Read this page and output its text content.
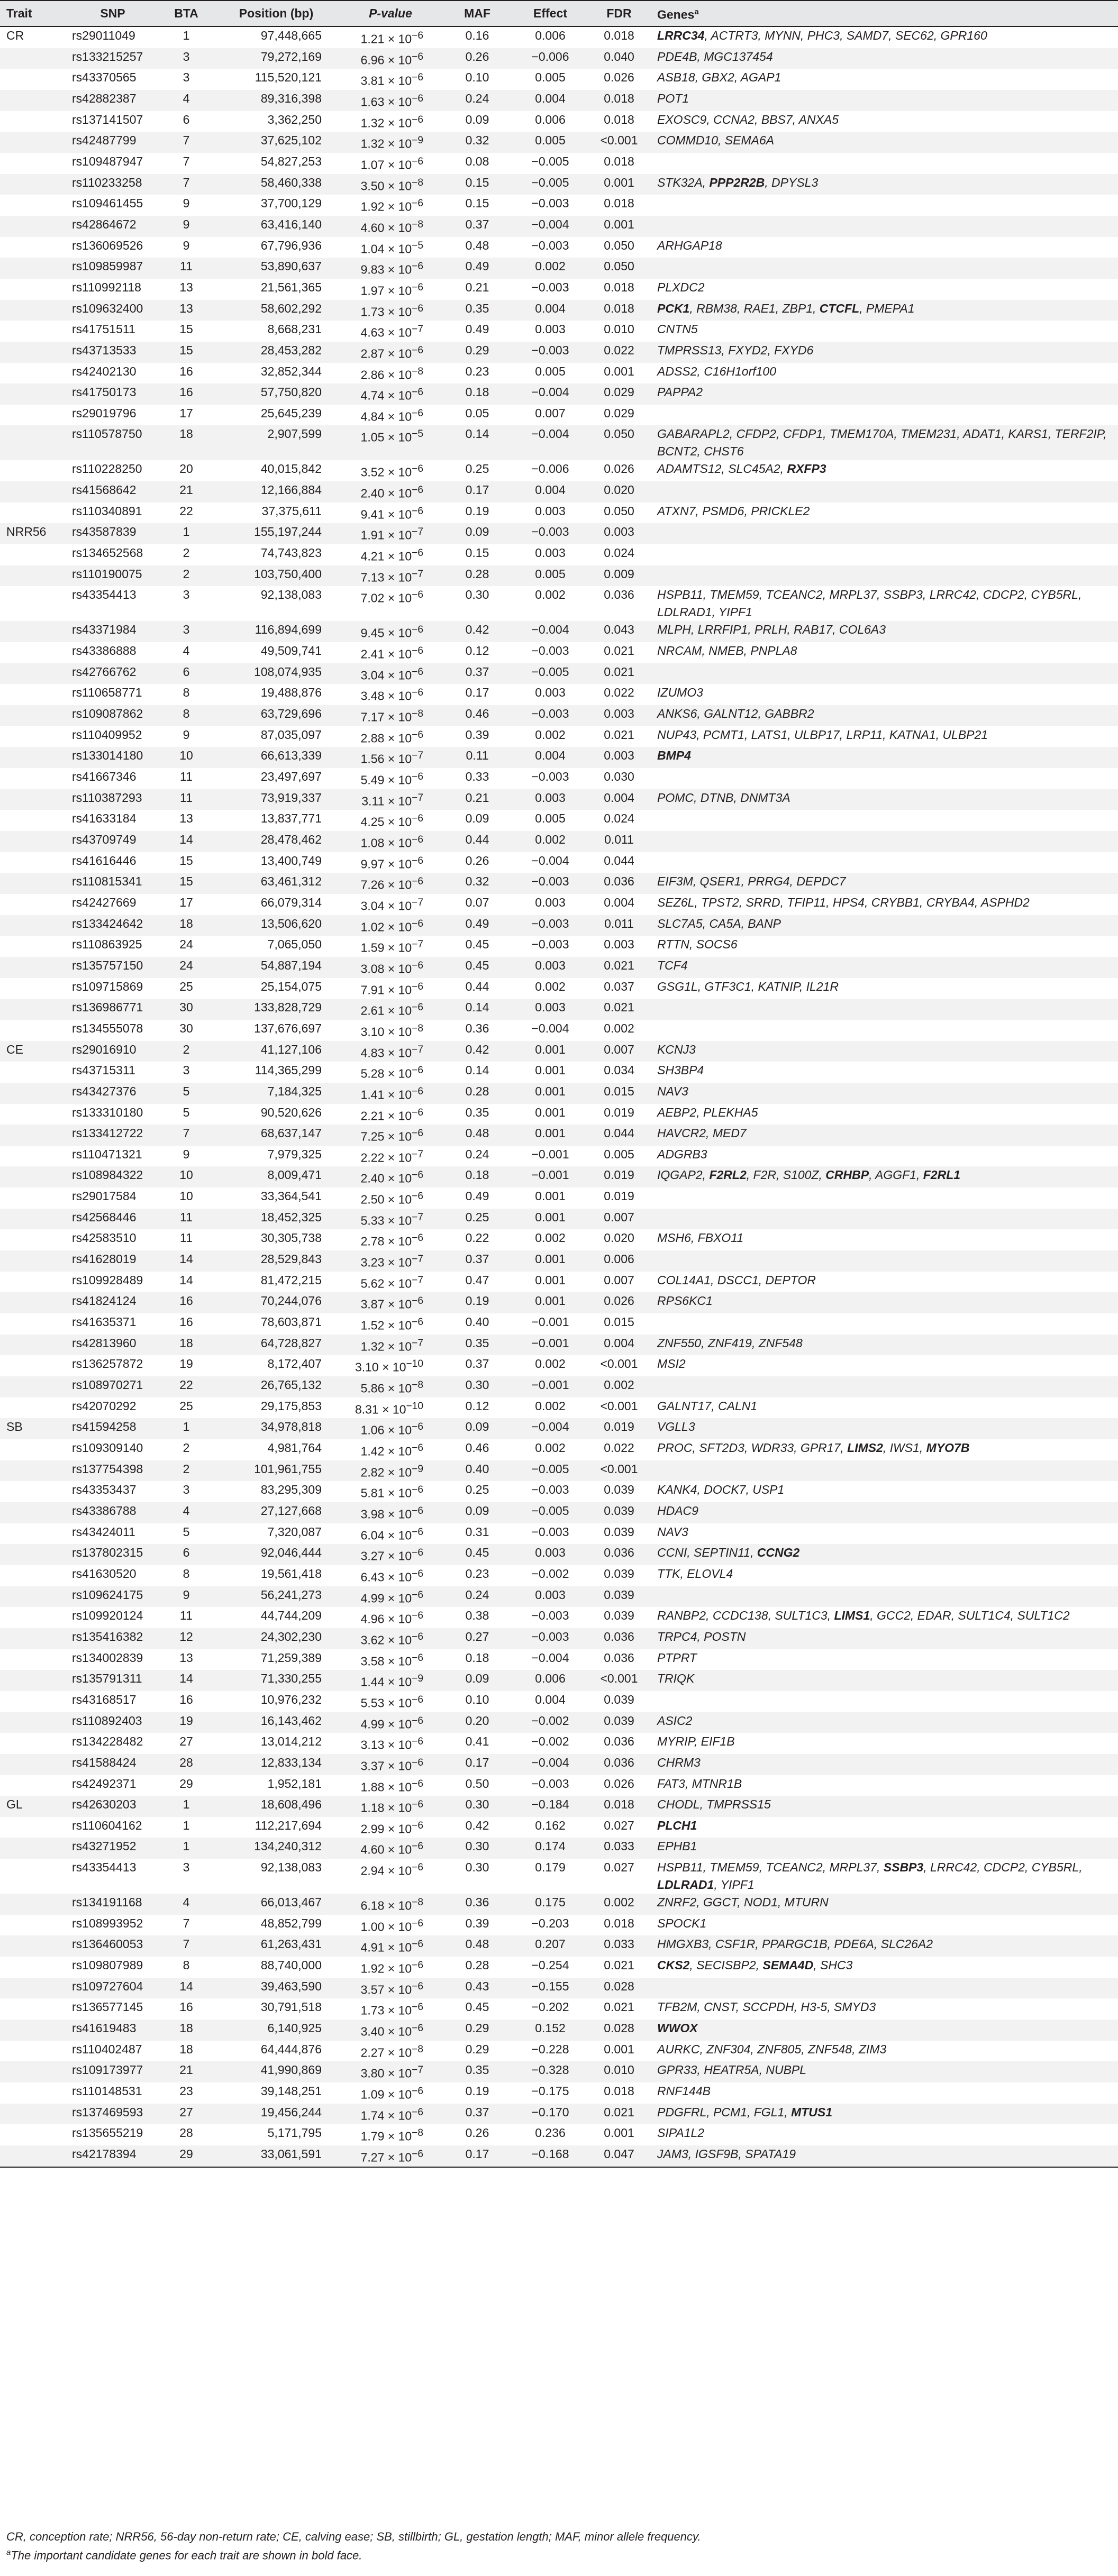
Trait	SNP	BTA	Position (bp)	P-value	MAF	Effect	FDR	Genes$^a$
CR	rs29011049	1	97,448,665	$1.21 \times 10^{-6}$	0.16	0.006	0.018	LRRC34, ACTRT3, MYNN, PHC3, SAMD7, SEC62, GPR160
	rs133215257	3	79,272,169	$6.96 \times 10^{-6}$	0.26	−0.006	0.040	PDE4B, MGC137454
	rs43370565	3	115,520,121	$3.81 \times 10^{-6}$	0.10	0.005	0.026	ASB18, GBX2, AGAP1
	rs42882387	4	89,316,398	$1.63 \times 10^{-6}$	0.24	0.004	0.018	POT1
	rs137141507	6	3,362,250	$1.32 \times 10^{-6}$	0.09	0.006	0.018	EXOSC9, CCNA2, BBS7, ANXA5
	rs42487799	7	37,625,102	$1.32 \times 10^{-9}$	0.32	0.005	<0.001	COMMD10, SEMA6A
	rs109487947	7	54,827,253	$1.07 \times 10^{-6}$	0.08	−0.005	0.018	
	rs110233258	7	58,460,338	$3.50 \times 10^{-8}$	0.15	−0.005	0.001	STK32A, PPP2R2B, DPYSL3
	rs109461455	9	37,700,129	$1.92 \times 10^{-6}$	0.15	−0.003	0.018	
	rs42864672	9	63,416,140	$4.60 \times 10^{-8}$	0.37	−0.004	0.001	
	rs136069526	9	67,796,936	$1.04 \times 10^{-5}$	0.48	−0.003	0.050	ARHGAP18
	rs109859987	11	53,890,637	$9.83 \times 10^{-6}$	0.49	0.002	0.050	
	rs110992118	13	21,561,365	$1.97 \times 10^{-6}$	0.21	−0.003	0.018	PLXDC2
	rs109632400	13	58,602,292	$1.73 \times 10^{-6}$	0.35	0.004	0.018	PCK1, RBM38, RAE1, ZBP1, CTCFL, PMEPA1
	rs41751511	15	8,668,231	$4.63 \times 10^{-7}$	0.49	0.003	0.010	CNTN5
	rs43713533	15	28,453,282	$2.87 \times 10^{-6}$	0.29	−0.003	0.022	TMPRSS13, FXYD2, FXYD6
	rs42402130	16	32,852,344	$2.86 \times 10^{-8}$	0.23	0.005	0.001	ADSS2, C16H1orf100
	rs41750173	16	57,750,820	$4.74 \times 10^{-6}$	0.18	−0.004	0.029	PAPPA2
	rs29019796	17	25,645,239	$4.84 \times 10^{-6}$	0.05	0.007	0.029	
	rs110578750	18	2,907,599	$1.05 \times 10^{-5}$	0.14	−0.004	0.050	GABARAPL2, CFDP2, CFDP1, TMEM170A, TMEM231, ADAT1, KARS1, TERF2IP, BCNT2, CHST6
	rs110228250	20	40,015,842	$3.52 \times 10^{-6}$	0.25	−0.006	0.026	ADAMTS12, SLC45A2, RXFP3
	rs41568642	21	12,166,884	$2.40 \times 10^{-6}$	0.17	0.004	0.020	
	rs110340891	22	37,375,611	$9.41 \times 10^{-6}$	0.19	0.003	0.050	ATXN7, PSMD6, PRICKLE2
NRR56	rs43587839	1	155,197,244	$1.91 \times 10^{-7}$	0.09	−0.003	0.003	
	rs134652568	2	74,743,823	$4.21 \times 10^{-6}$	0.15	0.003	0.024	
	rs110190075	2	103,750,400	$7.13 \times 10^{-7}$	0.28	0.005	0.009	
	rs43354413	3	92,138,083	$7.02 \times 10^{-6}$	0.30	0.002	0.036	HSPB11, TMEM59, TCEANC2, MRPL37, SSBP3, LRRC42, CDCP2, CYB5RL, LDLRAD1, YIPF1
	rs43371984	3	116,894,699	$9.45 \times 10^{-6}$	0.42	−0.004	0.043	MLPH, LRRFIP1, PRLH, RAB17, COL6A3
	rs43386888	4	49,509,741	$2.41 \times 10^{-6}$	0.12	−0.003	0.021	NRCAM, NMEB, PNPLA8
	rs42766762	6	108,074,935	$3.04 \times 10^{-6}$	0.37	−0.005	0.021	
	rs110658771	8	19,488,876	$3.48 \times 10^{-6}$	0.17	0.003	0.022	IZUMO3
	rs109087862	8	63,729,696	$7.17 \times 10^{-8}$	0.46	−0.003	0.003	ANKS6, GALNT12, GABBR2
	rs110409952	9	87,035,097	$2.88 \times 10^{-6}$	0.39	0.002	0.021	NUP43, PCMT1, LATS1, ULBP17, LRP11, KATNA1, ULBP21
	rs133014180	10	66,613,339	$1.56 \times 10^{-7}$	0.11	0.004	0.003	BMP4
	rs41667346	11	23,497,697	$5.49 \times 10^{-6}$	0.33	−0.003	0.030	
	rs110387293	11	73,919,337	$3.11 \times 10^{-7}$	0.21	0.003	0.004	POMC, DTNB, DNMT3A
	rs41633184	13	13,837,771	$4.25 \times 10^{-6}$	0.09	0.005	0.024	
	rs43709749	14	28,478,462	$1.08 \times 10^{-6}$	0.44	0.002	0.011	
	rs41616446	15	13,400,749	$9.97 \times 10^{-6}$	0.26	−0.004	0.044	
	rs110815341	15	63,461,312	$7.26 \times 10^{-6}$	0.32	−0.003	0.036	EIF3M, QSER1, PRRG4, DEPDC7
	rs42427669	17	66,079,314	$3.04 \times 10^{-7}$	0.07	0.003	0.004	SEZ6L, TPST2, SRRD, TFIP11, HPS4, CRYBB1, CRYBA4, ASPHD2
	rs133424642	18	13,506,620	$1.02 \times 10^{-6}$	0.49	−0.003	0.011	SLC7A5, CA5A, BANP
	rs110863925	24	7,065,050	$1.59 \times 10^{-7}$	0.45	−0.003	0.003	RTTN, SOCS6
	rs135757150	24	54,887,194	$3.08 \times 10^{-6}$	0.45	0.003	0.021	TCF4
	rs109715869	25	25,154,075	$7.91 \times 10^{-6}$	0.44	0.002	0.037	GSG1L, GTF3C1, KATNIP, IL21R
	rs136986771	30	133,828,729	$2.61 \times 10^{-6}$	0.14	0.003	0.021	
	rs134555078	30	137,676,697	$3.10 \times 10^{-8}$	0.36	−0.004	0.002	
CE	rs29016910	2	41,127,106	$4.83 \times 10^{-7}$	0.42	0.001	0.007	KCNJ3
	rs43715311	3	114,365,299	$5.28 \times 10^{-6}$	0.14	0.001	0.034	SH3BP4
	rs43427376	5	7,184,325	$1.41 \times 10^{-6}$	0.28	0.001	0.015	NAV3
	rs133310180	5	90,520,626	$2.21 \times 10^{-6}$	0.35	0.001	0.019	AEBP2, PLEKHA5
	rs133412722	7	68,637,147	$7.25 \times 10^{-6}$	0.48	0.001	0.044	HAVCR2, MED7
	rs110471321	9	7,979,325	$2.22 \times 10^{-7}$	0.24	−0.001	0.005	ADGRB3
	rs108984322	10	8,009,471	$2.40 \times 10^{-6}$	0.18	−0.001	0.019	IQGAP2, F2RL2, F2R, S100Z, CRHBP, AGGF1, F2RL1
	rs29017584	10	33,364,541	$2.50 \times 10^{-6}$	0.49	0.001	0.019	
	rs42568446	11	18,452,325	$5.33 \times 10^{-7}$	0.25	0.001	0.007	
	rs42583510	11	30,305,738	$2.78 \times 10^{-6}$	0.22	0.002	0.020	MSH6, FBXO11
	rs41628019	14	28,529,843	$3.23 \times 10^{-7}$	0.37	0.001	0.006	
	rs109928489	14	81,472,215	$5.62 \times 10^{-7}$	0.47	0.001	0.007	COL14A1, DSCC1, DEPTOR
	rs41824124	16	70,244,076	$3.87 \times 10^{-6}$	0.19	0.001	0.026	RPS6KC1
	rs41635371	16	78,603,871	$1.52 \times 10^{-6}$	0.40	−0.001	0.015	
	rs42813960	18	64,728,827	$1.32 \times 10^{-7}$	0.35	−0.001	0.004	ZNF550, ZNF419, ZNF548
	rs136257872	19	8,172,407	$3.10 \times 10^{-10}$	0.37	0.002	<0.001	MSI2
	rs108970271	22	26,765,132	$5.86 \times 10^{-8}$	0.30	−0.001	0.002	
	rs42070292	25	29,175,853	$8.31 \times 10^{-10}$	0.12	0.002	<0.001	GALNT17, CALN1
SB	rs41594258	1	34,978,818	$1.06 \times 10^{-6}$	0.09	−0.004	0.019	VGLL3
	rs109309140	2	4,981,764	$1.42 \times 10^{-6}$	0.46	0.002	0.022	PROC, SFT2D3, WDR33, GPR17, LIMS2, IWS1, MYO7B
	rs137754398	2	101,961,755	$2.82 \times 10^{-9}$	0.40	−0.005	<0.001	
	rs43353437	3	83,295,309	$5.81 \times 10^{-6}$	0.25	−0.003	0.039	KANK4, DOCK7, USP1
	rs43386788	4	27,127,668	$3.98 \times 10^{-6}$	0.09	−0.005	0.039	HDAC9
	rs43424011	5	7,320,087	$6.04 \times 10^{-6}$	0.31	−0.003	0.039	NAV3
	rs137802315	6	92,046,444	$3.27 \times 10^{-6}$	0.45	0.003	0.036	CCNI, SEPTIN11, CCNG2
	rs41630520	8	19,561,418	$6.43 \times 10^{-6}$	0.23	−0.002	0.039	TTK, ELOVL4
	rs109624175	9	56,241,273	$4.99 \times 10^{-6}$	0.24	0.003	0.039	
	rs109920124	11	44,744,209	$4.96 \times 10^{-6}$	0.38	−0.003	0.039	RANBP2, CCDC138, SULT1C3, LIMS1, GCC2, EDAR, SULT1C4, SULT1C2
	rs135416382	12	24,302,230	$3.62 \times 10^{-6}$	0.27	−0.003	0.036	TRPC4, POSTN
	rs134002839	13	71,259,389	$3.58 \times 10^{-6}$	0.18	−0.004	0.036	PTPRT
	rs135791311	14	71,330,255	$1.44 \times 10^{-9}$	0.09	0.006	<0.001	TRIQK
	rs43168517	16	10,976,232	$5.53 \times 10^{-6}$	0.10	0.004	0.039	
	rs110892403	19	16,143,462	$4.99 \times 10^{-6}$	0.20	−0.002	0.039	ASIC2
	rs134228482	27	13,014,212	$3.13 \times 10^{-6}$	0.41	−0.002	0.036	MYRIP, EIF1B
	rs41588424	28	12,833,134	$3.37 \times 10^{-6}$	0.17	−0.004	0.036	CHRM3
	rs42492371	29	1,952,181	$1.88 \times 10^{-6}$	0.50	−0.003	0.026	FAT3, MTNR1B
GL	rs42630203	1	18,608,496	$1.18 \times 10^{-6}$	0.30	−0.184	0.018	CHODL, TMPRSS15
	rs110604162	1	112,217,694	$2.99 \times 10^{-6}$	0.42	0.162	0.027	PLCH1
	rs43271952	1	134,240,312	$4.60 \times 10^{-6}$	0.30	0.174	0.033	EPHB1
	rs43354413	3	92,138,083	$2.94 \times 10^{-6}$	0.30	0.179	0.027	HSPB11, TMEM59, TCEANC2, MRPL37, SSBP3, LRRC42, CDCP2, CYB5RL, LDLRAD1, YIPF1
	rs134191168	4	66,013,467	$6.18 \times 10^{-8}$	0.36	0.175	0.002	ZNRF2, GGCT, NOD1, MTURN
	rs108993952	7	48,852,799	$1.00 \times 10^{-6}$	0.39	−0.203	0.018	SPOCK1
	rs136460053	7	61,263,431	$4.91 \times 10^{-6}$	0.48	0.207	0.033	HMGXB3, CSF1R, PPARGC1B, PDE6A, SLC26A2
	rs109807989	8	88,740,000	$1.92 \times 10^{-6}$	0.28	−0.254	0.021	CKS2, SECISBP2, SEMA4D, SHC3
	rs109727604	14	39,463,590	$3.57 \times 10^{-6}$	0.43	−0.155	0.028	
	rs136577145	16	30,791,518	$1.73 \times 10^{-6}$	0.45	−0.202	0.021	TFB2M, CNST, SCCPDH, H3-5, SMYD3
	rs41619483	18	6,140,925	$3.40 \times 10^{-6}$	0.29	0.152	0.028	WWOX
	rs110402487	18	64,444,876	$2.27 \times 10^{-8}$	0.29	−0.228	0.001	AURKC, ZNF304, ZNF805, ZNF548, ZIM3
	rs109173977	21	41,990,869	$3.80 \times 10^{-7}$	0.35	−0.328	0.010	GPR33, HEATR5A, NUBPL
	rs110148531	23	39,148,251	$1.09 \times 10^{-6}$	0.19	−0.175	0.018	RNF144B
	rs137469593	27	19,456,244	$1.74 \times 10^{-6}$	0.37	−0.170	0.021	PDGFRL, PCM1, FGL1, MTUS1
	rs135655219	28	5,171,795	$1.79 \times 10^{-8}$	0.26	0.236	0.001	SIPA1L2
	rs42178394	29	33,061,591	$7.27 \times 10^{-6}$	0.17	−0.168	0.047	JAM3, IGSF9B, SPATA19
CR, conception rate; NRR56, 56-day non-return rate; CE, calving ease; SB, stillbirth; GL, gestation length; MAF, minor allele frequency.
$^a$The important candidate genes for each trait are shown in bold face.
